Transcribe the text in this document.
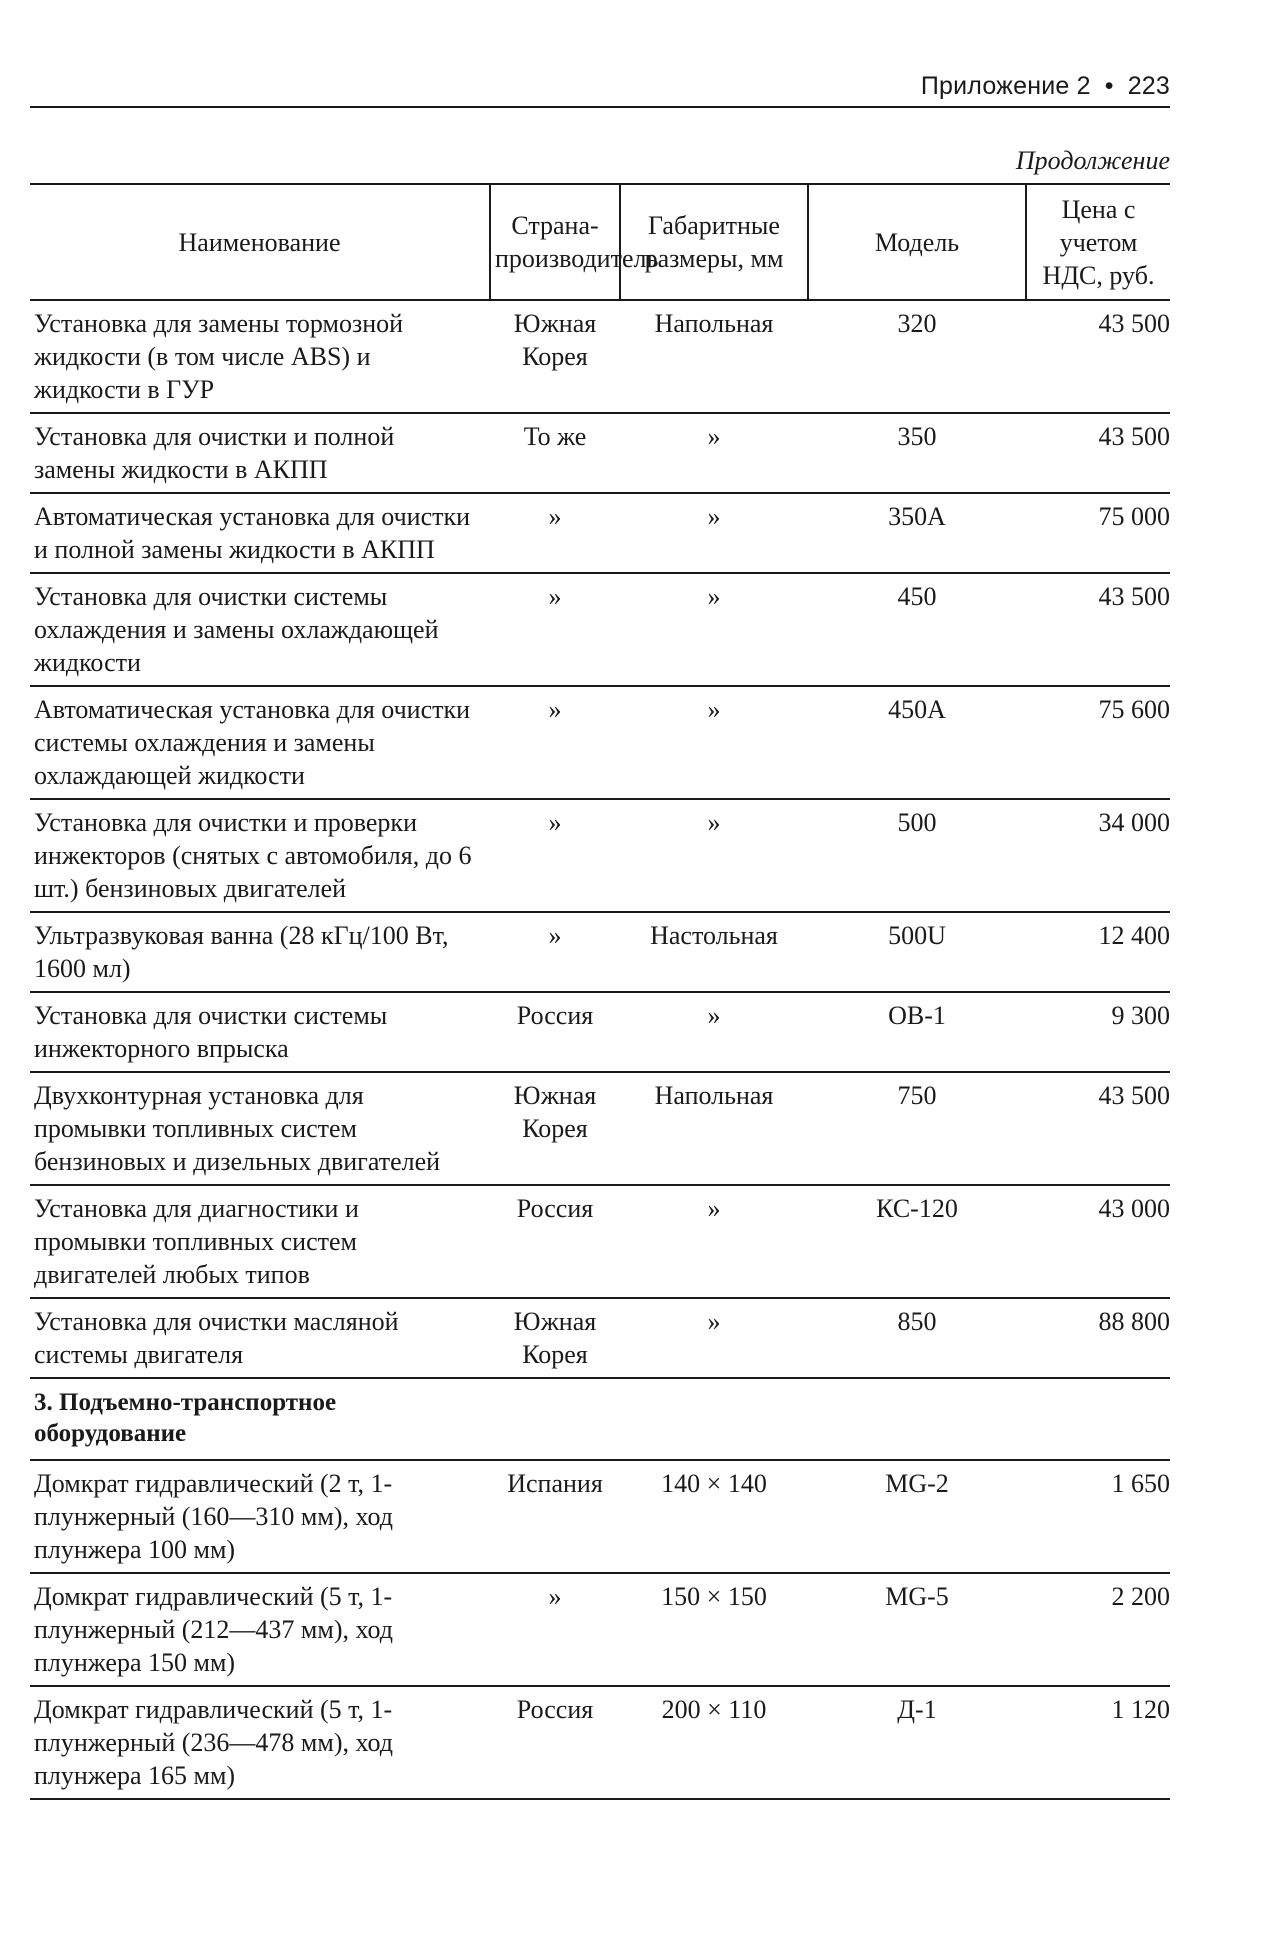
Приложение 2 • 223
Продолжение
Наименование	Страна-производитель	Габаритные размеры, мм	Модель	Цена с учетом НДС, руб.
Установка для замены тормозной жидкости (в том числе ABS) и жидкости в ГУР	Южная Корея	Напольная	320	43 500
Установка для очистки и полной замены жидкости в АКПП	То же	»	350	43 500
Автоматическая установка для очистки и полной замены жидкости в АКПП	»	»	350А	75 000
Установка для очистки системы охлаждения и замены охлаждающей жидкости	»	»	450	43 500
Автоматическая установка для очистки системы охлаждения и замены охлаждающей жидкости	»	»	450А	75 600
Установка для очистки и проверки инжекторов (снятых с автомобиля, до 6 шт.) бензиновых двигателей	»	»	500	34 000
Ультразвуковая ванна (28 кГц/100 Вт, 1600 мл)	»	Настольная	500U	12 400
Установка для очистки системы инжекторного впрыска	Россия	»	ОВ-1	9 300
Двухконтурная установка для промывки топливных систем бензиновых и дизельных двигателей	Южная Корея	Напольная	750	43 500
Установка для диагностики и промывки топливных систем двигателей любых типов	Россия	»	КС-120	43 000
Установка для очистки масляной системы двигателя	Южная Корея	»	850	88 800
3. Подъемно-транспортное оборудование				
Домкрат гидравлический (2 т, 1-плунжерный (160—310 мм), ход плунжера 100 мм)	Испания	140 × 140	MG-2	1 650
Домкрат гидравлический (5 т, 1-плунжерный (212—437 мм), ход плунжера 150 мм)	»	150 × 150	MG-5	2 200
Домкрат гидравлический (5 т, 1-плунжерный (236—478 мм), ход плунжера 165 мм)	Россия	200 × 110	Д-1	1 120
